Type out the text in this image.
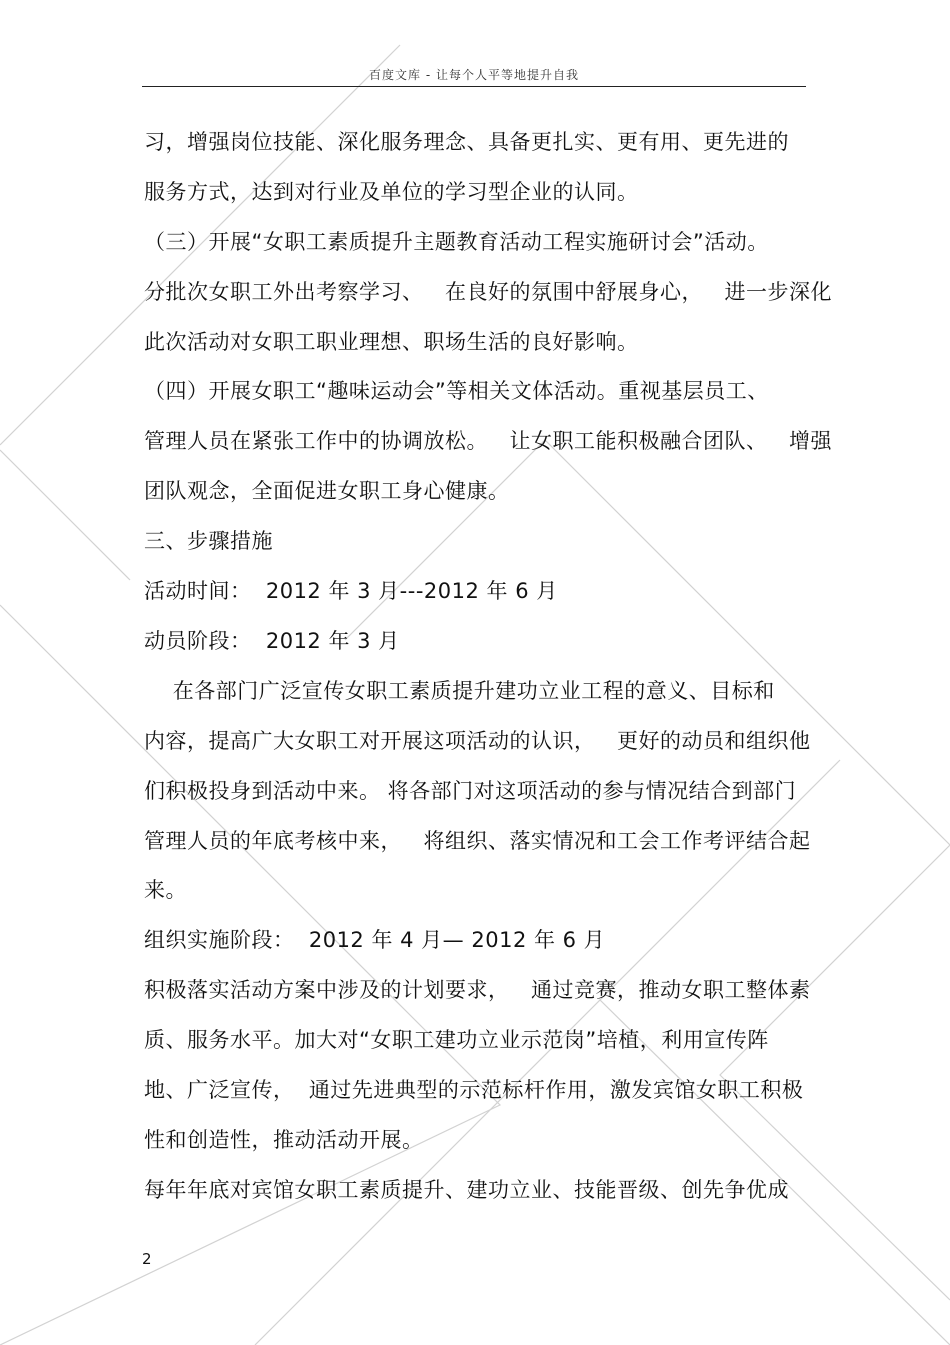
百度文库 - 让每个人平等地提升自我
习，增强岗位技能、深化服务理念、具备更扎实、更有用、更先进的
服务方式，达到对行业及单位的学习型企业的认同。
（三）开展“女职工素质提升主题教育活动工程实施研讨会”活动。
分批次女职工外出考察学习、   在良好的氛围中舒展身心，   进一步深化
此次活动对女职工职业理想、职场生活的良好影响。
（四）开展女职工“趣味运动会”等相关文体活动。重视基层员工、
管理人员在紧张工作中的协调放松。   让女职工能积极融合团队、   增强
团队观念，全面促进女职工身心健康。
三、步骤措施
活动时间：  2012 年 3 月---2012 年 6 月
动员阶段：  2012 年 3 月
在各部门广泛宣传女职工素质提升建功立业工程的意义、目标和
内容，提高广大女职工对开展这项活动的认识，   更好的动员和组织他
们积极投身到活动中来。 将各部门对这项活动的参与情况结合到部门
管理人员的年底考核中来，   将组织、落实情况和工会工作考评结合起
来。
组织实施阶段：  2012 年 4 月— 2012 年 6 月
积极落实活动方案中涉及的计划要求，   通过竞赛，推动女职工整体素
质、服务水平。加大对“女职工建功立业示范岗”培植，利用宣传阵
地、广泛宣传，  通过先进典型的示范标杆作用，激发宾馆女职工积极
性和创造性，推动活动开展。
每年年底对宾馆女职工素质提升、建功立业、技能晋级、创先争优成
2
